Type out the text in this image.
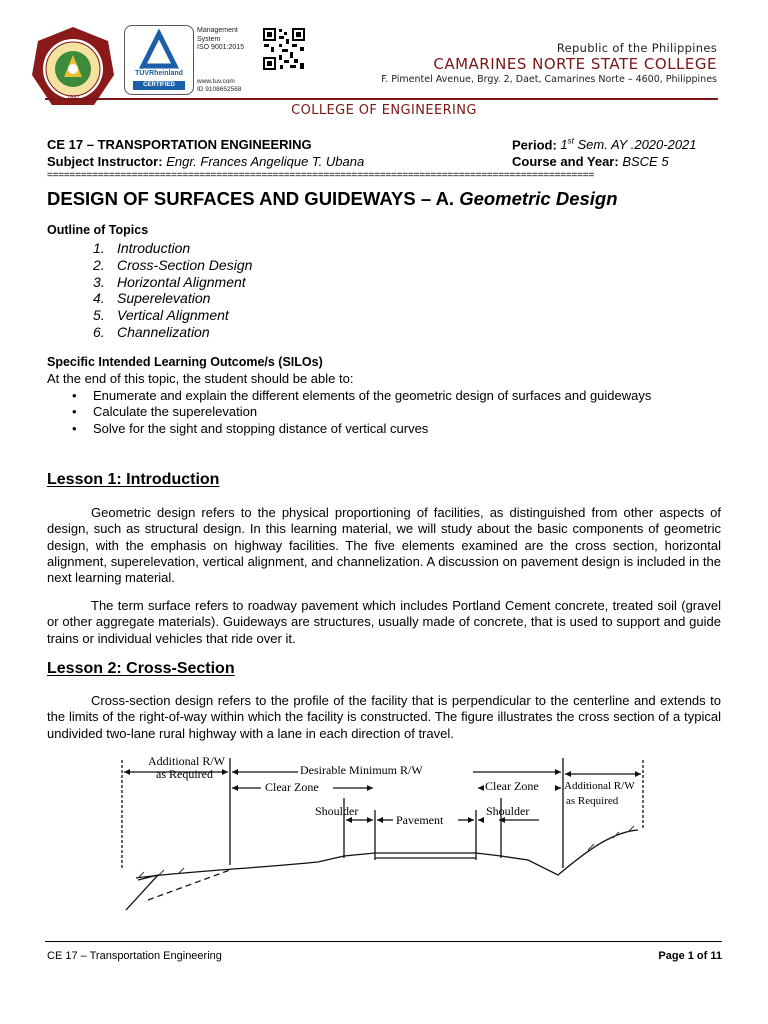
TÜVRheinland
CERTIFIED
Management
System
ISO 9001:2015
www.tuv.com
ID 9108652568
Republic of the Philippines
CAMARINES NORTE STATE COLLEGE
F. Pimentel Avenue, Brgy. 2, Daet, Camarines Norte – 4600, Philippines
COLLEGE OF ENGINEERING
CE 17 – TRANSPORTATION ENGINEERING
Subject Instructor: Engr. Frances Angelique T. Ubana
Period: 1st Sem. AY .2020-2021
Course and Year: BSCE 5
=================================================================================================
DESIGN OF SURFACES AND GUIDEWAYS – A. Geometric Design
Outline of Topics
1. Introduction
2. Cross-Section Design
3. Horizontal Alignment
4. Superelevation
5. Vertical Alignment
6. Channelization
Specific Intended Learning Outcome/s (SILOs)
At the end of this topic, the student should be able to:
• Enumerate and explain the different elements of the geometric design of surfaces and guideways
• Calculate the superelevation
• Solve for the sight and stopping distance of vertical curves
Lesson 1: Introduction

Geometric design refers to the physical proportioning of facilities, as distinguished from other aspects of design, such as structural design. In this learning material, we will study about the basic components of geometric design, with the emphasis on highway facilities. The five elements examined are the cross section, horizontal alignment, superelevation, vertical alignment, and channelization. A discussion on pavement design is included in the next learning material.

The term surface refers to roadway pavement which includes Portland Cement concrete, treated soil (gravel or other aggregate materials). Guideways are structures, usually made of concrete, that is used to support and guide trains or individual vehicles that ride over it.

Lesson 2: Cross-Section

Cross-section design refers to the profile of the facility that is perpendicular to the centerline and extends to the limits of the right-of-way within which the facility is constructed. The figure illustrates the cross section of a typical undivided two-lane rural highway with a lane in each direction of travel.

Additional R/W
as Required	Desirable Minimum R/W
Clear Zone	Clear Zone
Shoulder
Pavement
Shoulder
Additional R/W
as Required
CE 17 – Transportation Engineering	Page 1 of 11
